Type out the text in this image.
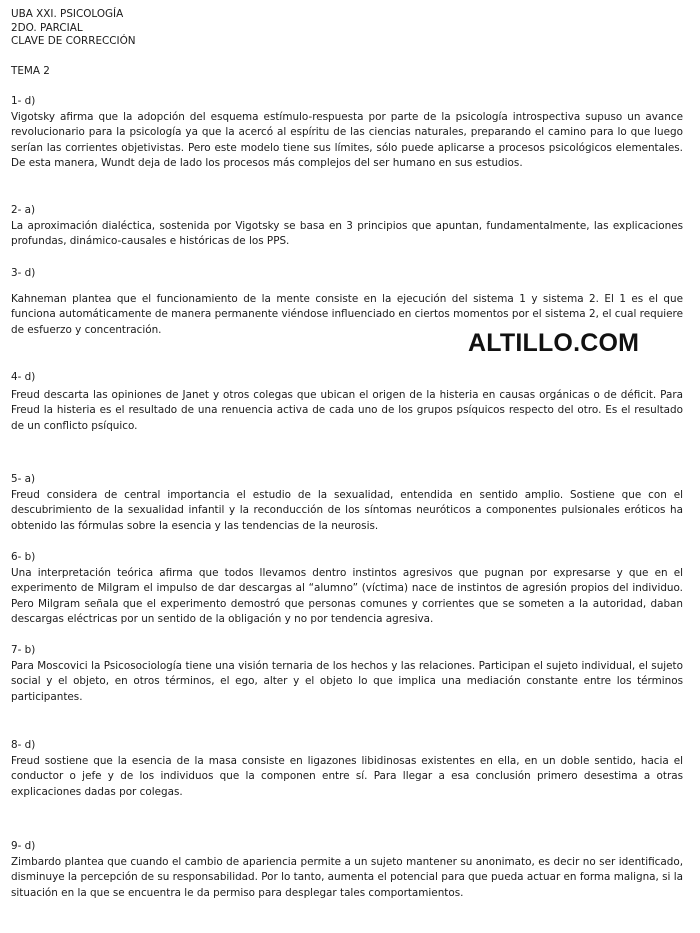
UBA XXI. PSICOLOGÍA
2DO. PARCIAL
CLAVE DE CORRECCIÓN
TEMA 2
1- d)
Vigotsky afirma que la adopción del esquema estímulo-respuesta por parte de la psicología introspectiva supuso un avance revolucionario para la psicología ya que la acercó al espíritu de las ciencias naturales, preparando el camino para lo que luego serían las corrientes objetivistas. Pero este modelo tiene sus límites, sólo puede aplicarse a procesos psicológicos elementales. De esta manera, Wundt deja de lado los procesos más complejos del ser humano en sus estudios.
2- a)
La aproximación dialéctica, sostenida por Vigotsky se basa en 3 principios que apuntan, fundamentalmente, las explicaciones profundas, dinámico-causales e históricas de los PPS.
3- d)
Kahneman plantea que el funcionamiento de la mente consiste en la ejecución del sistema 1 y sistema 2. El 1 es el que funciona automáticamente de manera permanente viéndose influenciado en ciertos momentos por el sistema 2, el cual requiere de esfuerzo y concentración.
4- d)
Freud descarta las opiniones de Janet y otros colegas que ubican el origen de la histeria en causas orgánicas o de déficit. Para Freud la histeria es el resultado de una renuencia activa de cada uno de los grupos psíquicos respecto del otro. Es el resultado de un conflicto psíquico.
5- a)
Freud considera de central importancia el estudio de la sexualidad, entendida en sentido amplio. Sostiene que con el descubrimiento de la sexualidad infantil y la reconducción de los síntomas neuróticos a componentes pulsionales eróticos ha obtenido las fórmulas sobre la esencia y las tendencias de la neurosis.
6- b)
Una interpretación teórica afirma que todos llevamos dentro instintos agresivos que pugnan por expresarse y que en el experimento de Milgram el impulso de dar descargas al “alumno” (víctima) nace de instintos de agresión propios del individuo. Pero Milgram señala que el experimento demostró que personas comunes y corrientes que se someten a la autoridad, daban descargas eléctricas por un sentido de la obligación y no por tendencia agresiva.
7- b)
Para Moscovici la Psicosociología tiene una visión ternaria de los hechos y las relaciones. Participan el sujeto individual, el sujeto social y el objeto, en otros términos, el ego, alter y el objeto lo que implica una mediación constante entre los términos participantes.
8- d)
Freud sostiene que la esencia de la masa consiste en ligazones libidinosas existentes en ella, en un doble sentido, hacia el conductor o jefe y de los individuos que la componen entre sí. Para llegar a esa conclusión primero desestima a otras explicaciones dadas por colegas.
9- d)
Zimbardo plantea que cuando el cambio de apariencia permite a un sujeto mantener su anonimato, es decir no ser identificado, disminuye la percepción de su responsabilidad. Por lo tanto, aumenta el potencial para que pueda actuar en forma maligna, si la situación en la que se encuentra le da permiso para desplegar tales comportamientos.
ALTILLO.COM
